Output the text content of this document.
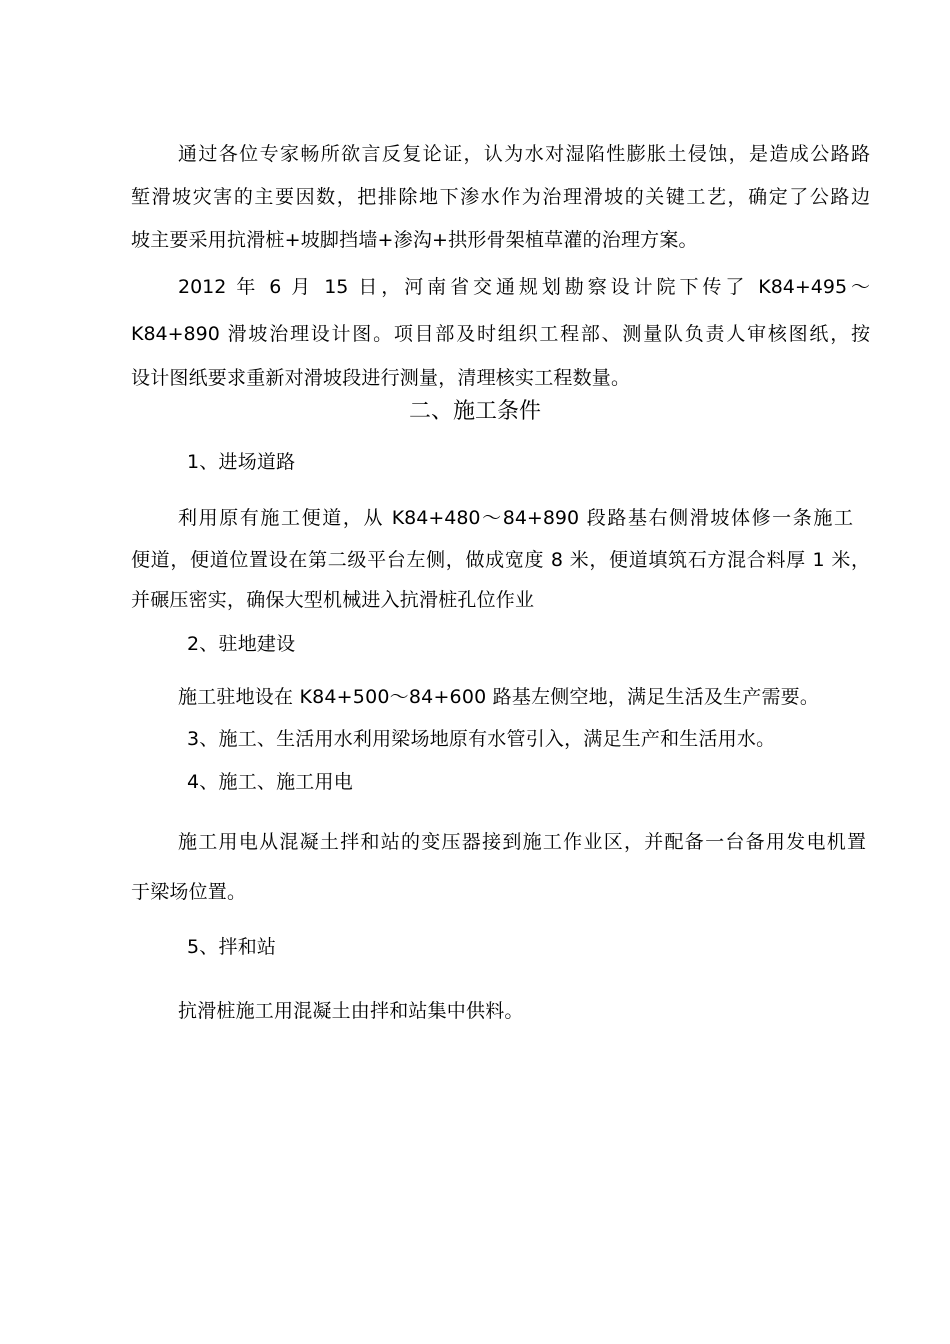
通过各位专家畅所欲言反复论证，认为水对湿陷性膨胀土侵蚀，是造成公路路
堑滑坡灾害的主要因数，把排除地下渗水作为治理滑坡的关键工艺，确定了公路边
坡主要采用抗滑桩+坡脚挡墙+渗沟+拱形骨架植草灌的治理方案。
2012 年 6 月 15 日，河南省交通规划勘察设计院下传了 K84+495～
K84+890 滑坡治理设计图。项目部及时组织工程部、测量队负责人审核图纸，按
设计图纸要求重新对滑坡段进行测量，清理核实工程数量。
二、施工条件
1、进场道路
利用原有施工便道，从 K84+480～84+890 段路基右侧滑坡体修一条施工
便道，便道位置设在第二级平台左侧，做成宽度 8 米，便道填筑石方混合料厚 1 米，
并碾压密实，确保大型机械进入抗滑桩孔位作业
2、驻地建设
施工驻地设在 K84+500～84+600 路基左侧空地，满足生活及生产需要。
3、施工、生活用水利用梁场地原有水管引入，满足生产和生活用水。
4、施工、施工用电
施工用电从混凝土拌和站的变压器接到施工作业区，并配备一台备用发电机置
于梁场位置。
5、拌和站
抗滑桩施工用混凝土由拌和站集中供料。
